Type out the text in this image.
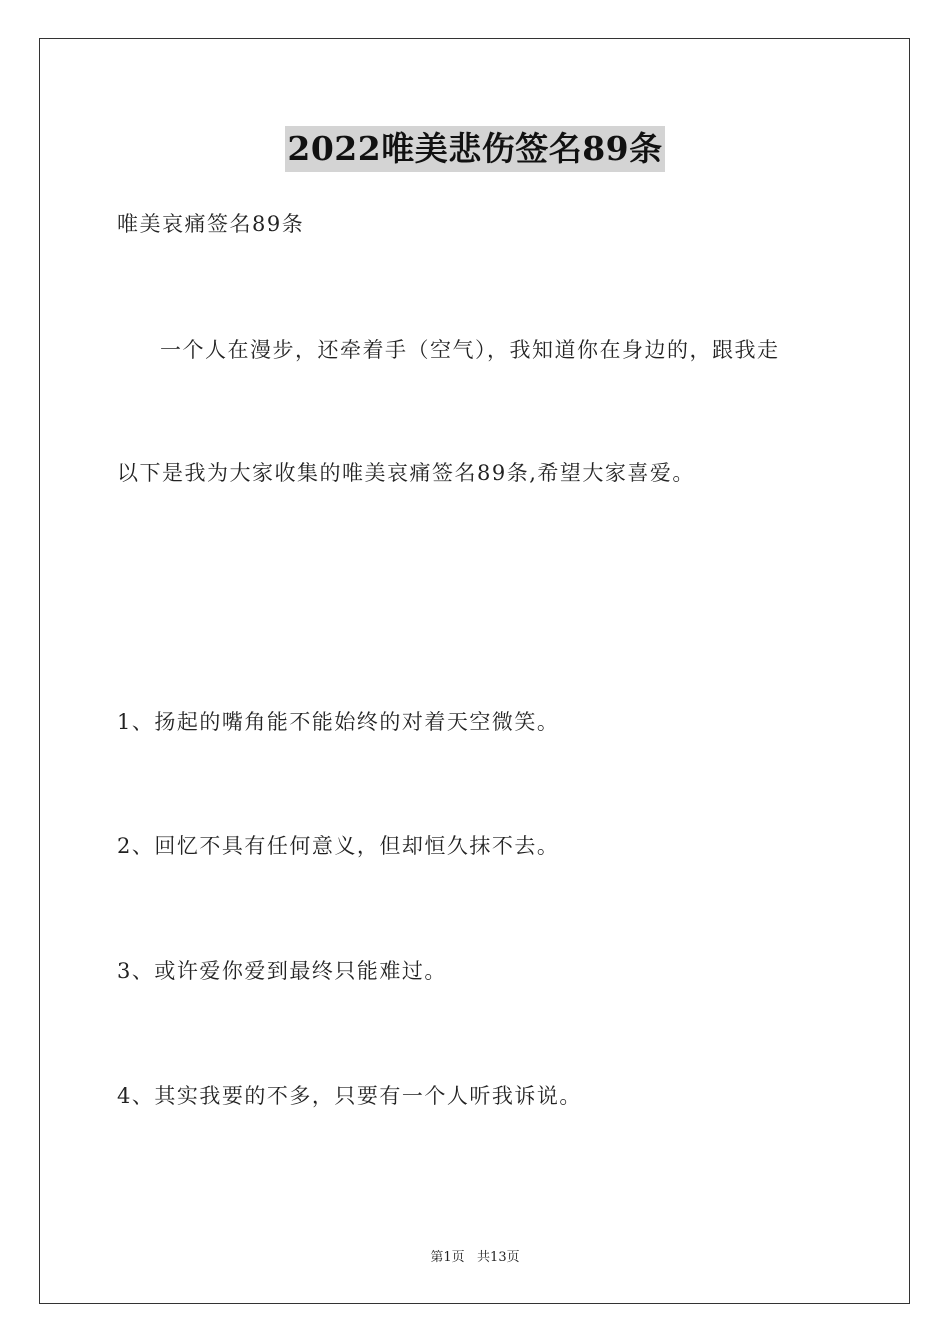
2022唯美悲伤签名89条
唯美哀痛签名89条
一个人在漫步，还牵着手（空气），我知道你在身边的，跟我走
以下是我为大家收集的唯美哀痛签名89条,希望大家喜爱。
1、扬起的嘴角能不能始终的对着天空微笑。
2、回忆不具有任何意义，但却恒久抹不去。
3、或许爱你爱到最终只能难过。
4、其实我要的不多，只要有一个人听我诉说。
第1页   共13页
